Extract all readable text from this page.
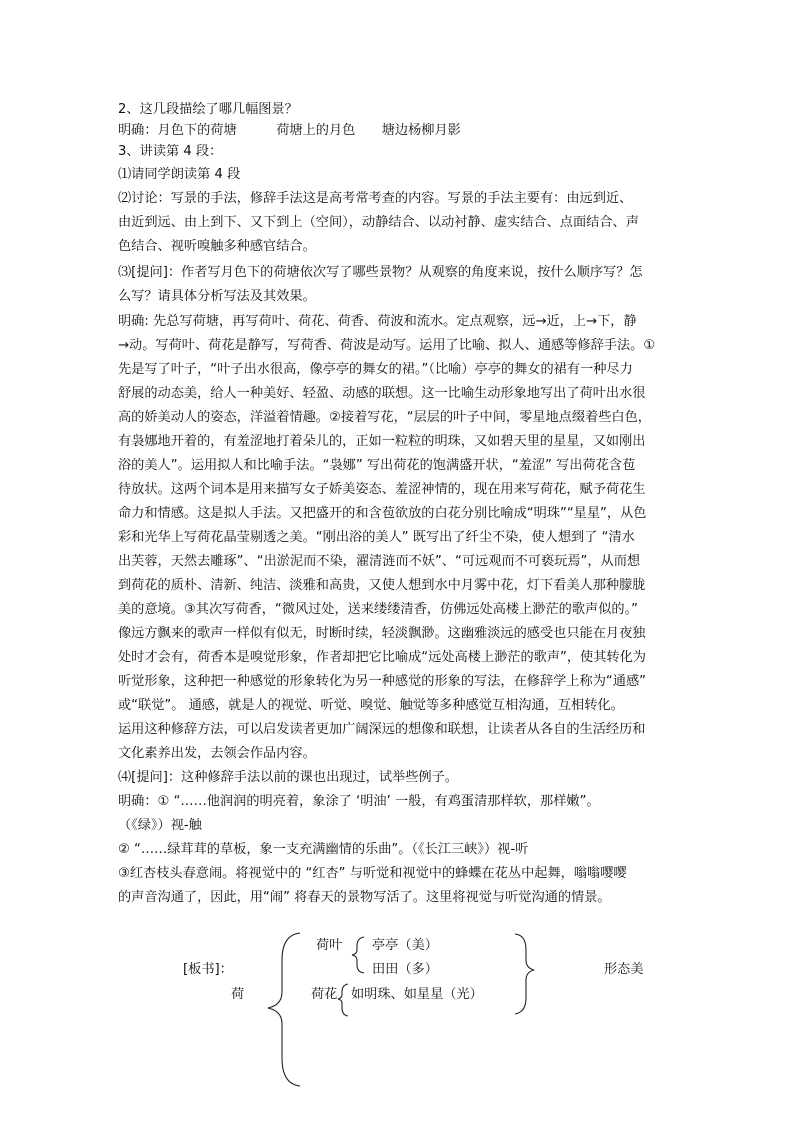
2、这几段描绘了哪几幅图景？
明确：月色下的荷塘　　　荷塘上的月色　　塘边杨柳月影
3、讲读第 4 段：
⑴请同学朗读第 4 段
⑵讨论：写景的手法，修辞手法这是高考常考查的内容。写景的手法主要有：由远到近、
由近到远、由上到下、又下到上（空间），动静结合、以动衬静、虚实结合、点面结合、声
色结合、视听嗅触多种感官结合。
⑶[提问]：作者写月色下的荷塘依次写了哪些景物？从观察的角度来说，按什么顺序写？怎
么写？请具体分析写法及其效果。
明确: 先总写荷塘，再写荷叶、荷花、荷香、荷波和流水。定点观察，远→近，上→下，静
→动。写荷叶、荷花是静写，写荷香、荷波是动写。运用了比喻、拟人、通感等修辞手法。①
先是写了叶子，“叶子出水很高，像亭亭的舞女的裙。”（比喻）亭亭的舞女的裙有一种尽力
舒展的动态美，给人一种美好、轻盈、动感的联想。这一比喻生动形象地写出了荷叶出水很
高的娇美动人的姿态，洋溢着情趣。②接着写花，“层层的叶子中间，零星地点缀着些白色，
有袅娜地开着的，有羞涩地打着朵儿的，正如一粒粒的明珠，又如碧天里的星星，又如刚出
浴的美人”。运用拟人和比喻手法。“袅娜” 写出荷花的饱满盛开状，“羞涩” 写出荷花含苞
待放状。这两个词本是用来描写女子娇美姿态、羞涩神情的，现在用来写荷花，赋予荷花生
命力和情感。这是拟人手法。又把盛开的和含苞欲放的白花分别比喻成“明珠”“星星”，从色
彩和光华上写荷花晶莹剔透之美。“刚出浴的美人” 既写出了纤尘不染，使人想到了 “清水
出芙蓉，天然去雕琢”、“出淤泥而不染，濯清涟而不妖”、“可远观而不可亵玩焉”，从而想
到荷花的质朴、清新、纯洁、淡雅和高贵，又使人想到水中月雾中花，灯下看美人那种朦胧
美的意境。③其次写荷香，“微风过处，送来缕缕清香，仿佛远处高楼上渺茫的歌声似的。”
像远方飘来的歌声一样似有似无，时断时续，轻淡飘渺。这幽雅淡远的感受也只能在月夜独
处时才会有，荷香本是嗅觉形象，作者却把它比喻成“远处高楼上渺茫的歌声”，使其转化为
听觉形象，这种把一种感觉的形象转化为另一种感觉的形象的写法，在修辞学上称为“通感”
或“联觉”。 通感，就是人的视觉、听觉、嗅觉、触觉等多种感觉互相沟通，互相转化。
运用这种修辞方法，可以启发读者更加广阔深远的想像和联想，让读者从各自的生活经历和
文化素养出发，去领会作品内容。
⑷[提问]：这种修辞手法以前的课也出现过，试举些例子。
明确：① “……他润润的明亮着，象涂了 ‘明油’ 一般，有鸡蛋清那样软，那样嫩”。
（《绿》）视-触
② “……绿茸茸的草板，象一支充满幽情的乐曲”。（《长江三峡》）视-听
③红杏枝头春意闹。将视觉中的 “红杏” 与听觉和视觉中的蜂蝶在花丛中起舞，嗡嗡嘤嘤
的声音沟通了，因此，用“闹” 将春天的景物写活了。这里将视觉与听觉沟通的情景。
[板书]：
荷
荷叶 亭亭（美）
田田（多）
荷花 如明珠、如星星（光）
形态美
